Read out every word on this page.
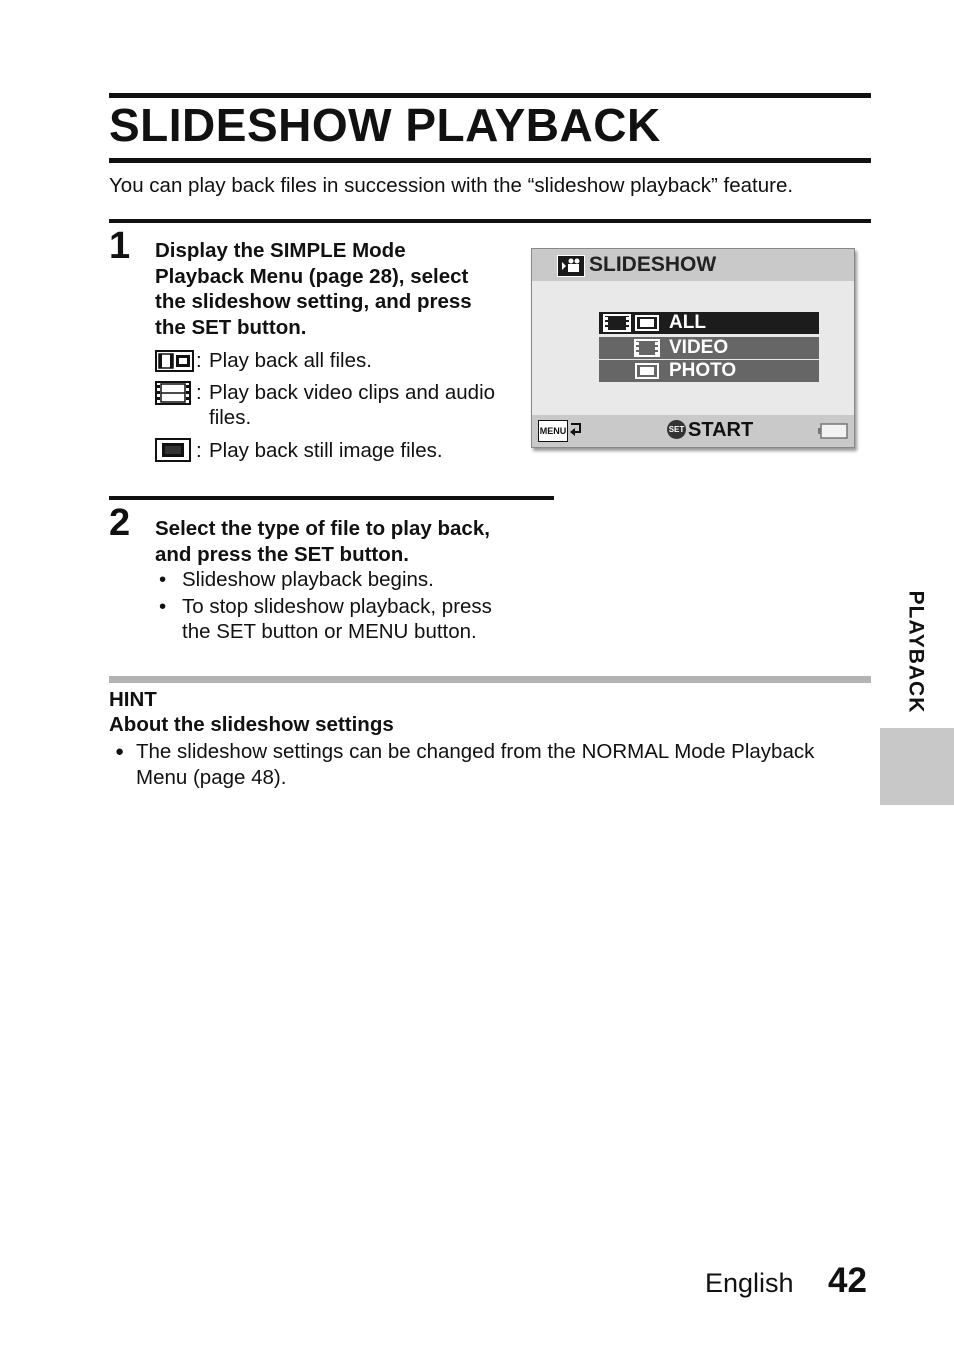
SLIDESHOW PLAYBACK
You can play back files in succession with the “slideshow playback” feature.
1 Display the SIMPLE Mode
Playback Menu (page 28), select
the slideshow setting, and press
the SET button.
: Play back all files.
: Play back video clips and audio
files.
: Play back still image files.
SLIDESHOW
ALL
VIDEO
PHOTO
MENU	SET START
2 Select the type of file to play back,
and press the SET button.
• Slideshow playback begins.
• To stop slideshow playback, press
the SET button or MENU button.
HINT
About the slideshow settings
● The slideshow settings can be changed from the NORMAL Mode Playback
Menu (page 48).
PLAYBACK
English 42
